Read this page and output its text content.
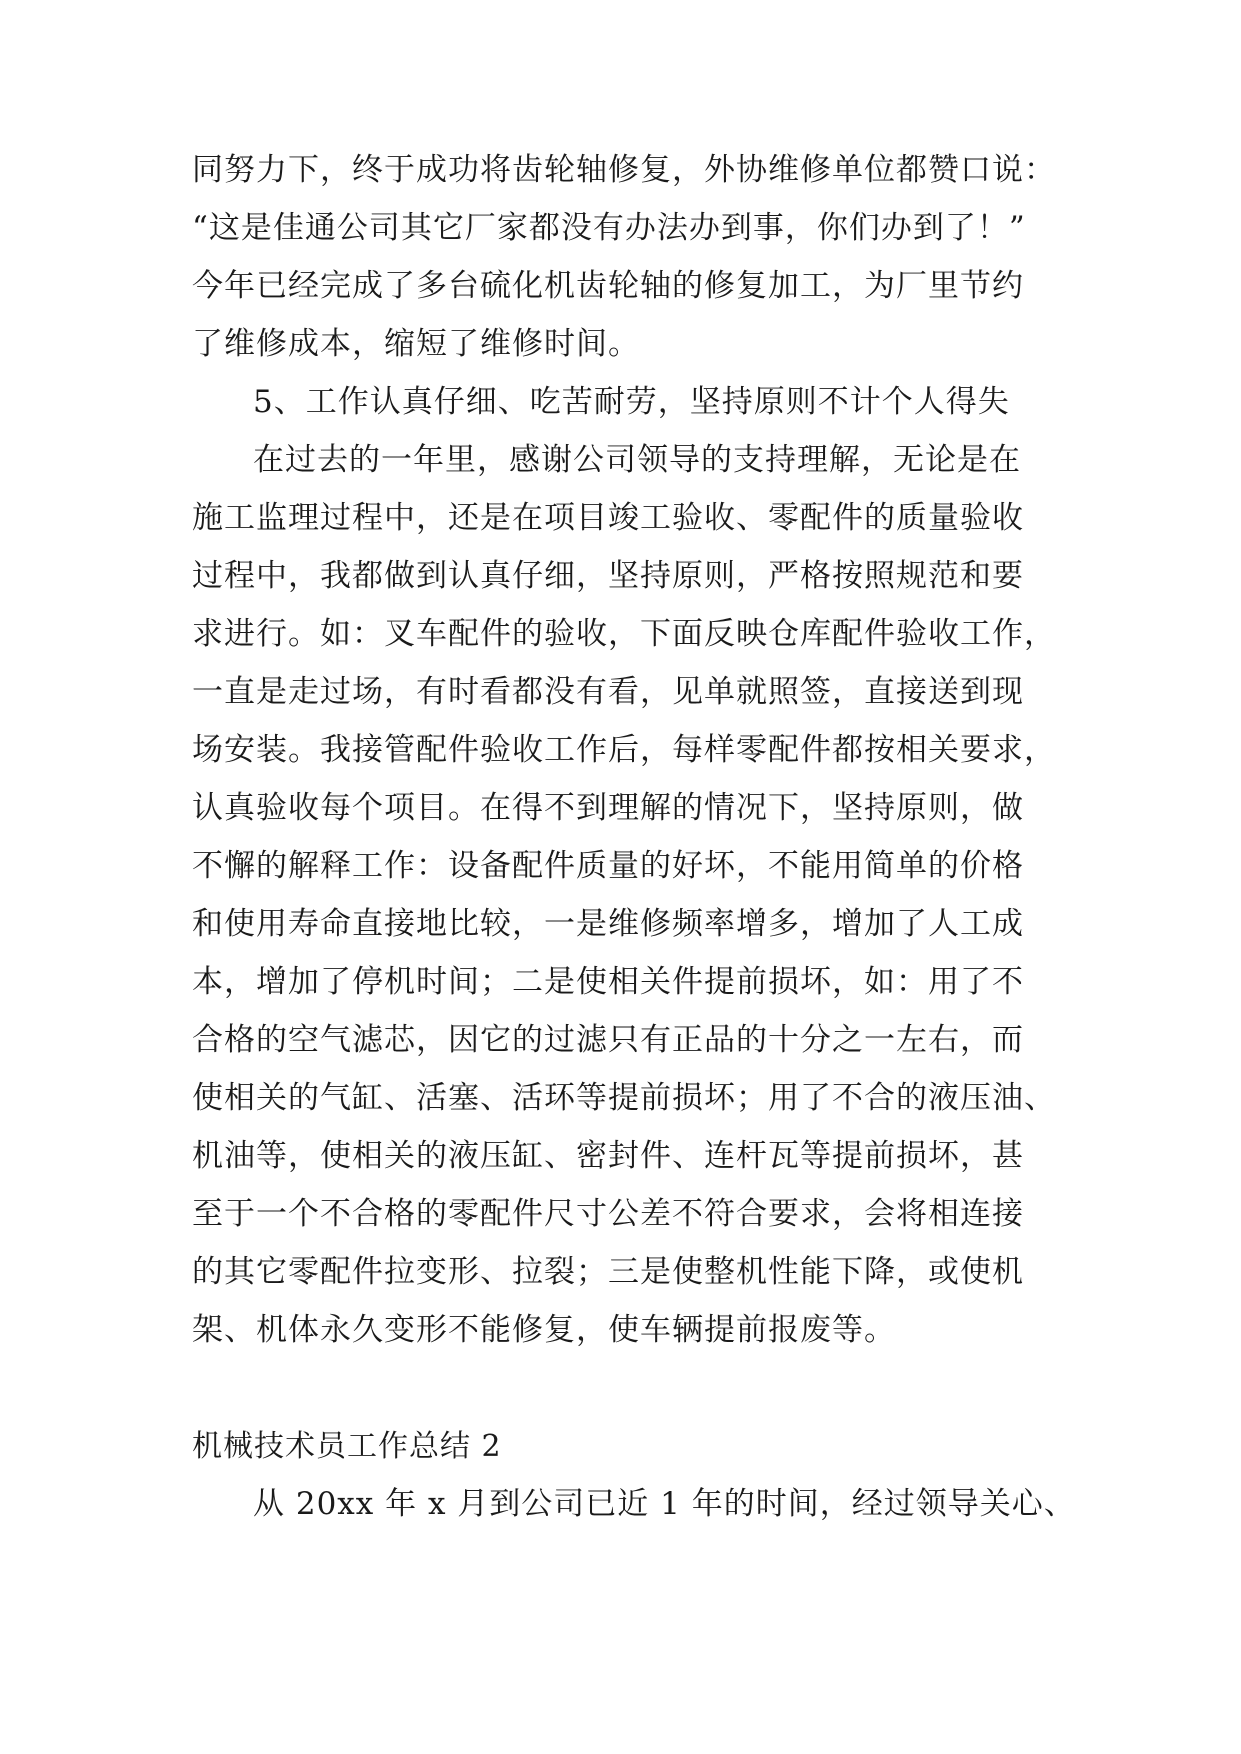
同努力下，终于成功将齿轮轴修复，外协维修单位都赞口说：
“这是佳通公司其它厂家都没有办法办到事，你们办到了！”
今年已经完成了多台硫化机齿轮轴的修复加工，为厂里节约
了维修成本，缩短了维修时间。
5、工作认真仔细、吃苦耐劳，坚持原则不计个人得失
在过去的一年里，感谢公司领导的支持理解，无论是在
施工监理过程中，还是在项目竣工验收、零配件的质量验收
过程中，我都做到认真仔细，坚持原则，严格按照规范和要
求进行。如：叉车配件的验收，下面反映仓库配件验收工作，
一直是走过场，有时看都没有看，见单就照签，直接送到现
场安装。我接管配件验收工作后，每样零配件都按相关要求，
认真验收每个项目。在得不到理解的情况下，坚持原则，做
不懈的解释工作：设备配件质量的好坏，不能用简单的价格
和使用寿命直接地比较，一是维修频率增多，增加了人工成
本，增加了停机时间；二是使相关件提前损坏，如：用了不
合格的空气滤芯，因它的过滤只有正品的十分之一左右，而
使相关的气缸、活塞、活环等提前损坏；用了不合的液压油、
机油等，使相关的液压缸、密封件、连杆瓦等提前损坏，甚
至于一个不合格的零配件尺寸公差不符合要求，会将相连接
的其它零配件拉变形、拉裂；三是使整机性能下降，或使机
架、机体永久变形不能修复，使车辆提前报废等。
机械技术员工作总结 2
从 20xx 年 x 月到公司已近 1 年的时间，经过领导关心、
